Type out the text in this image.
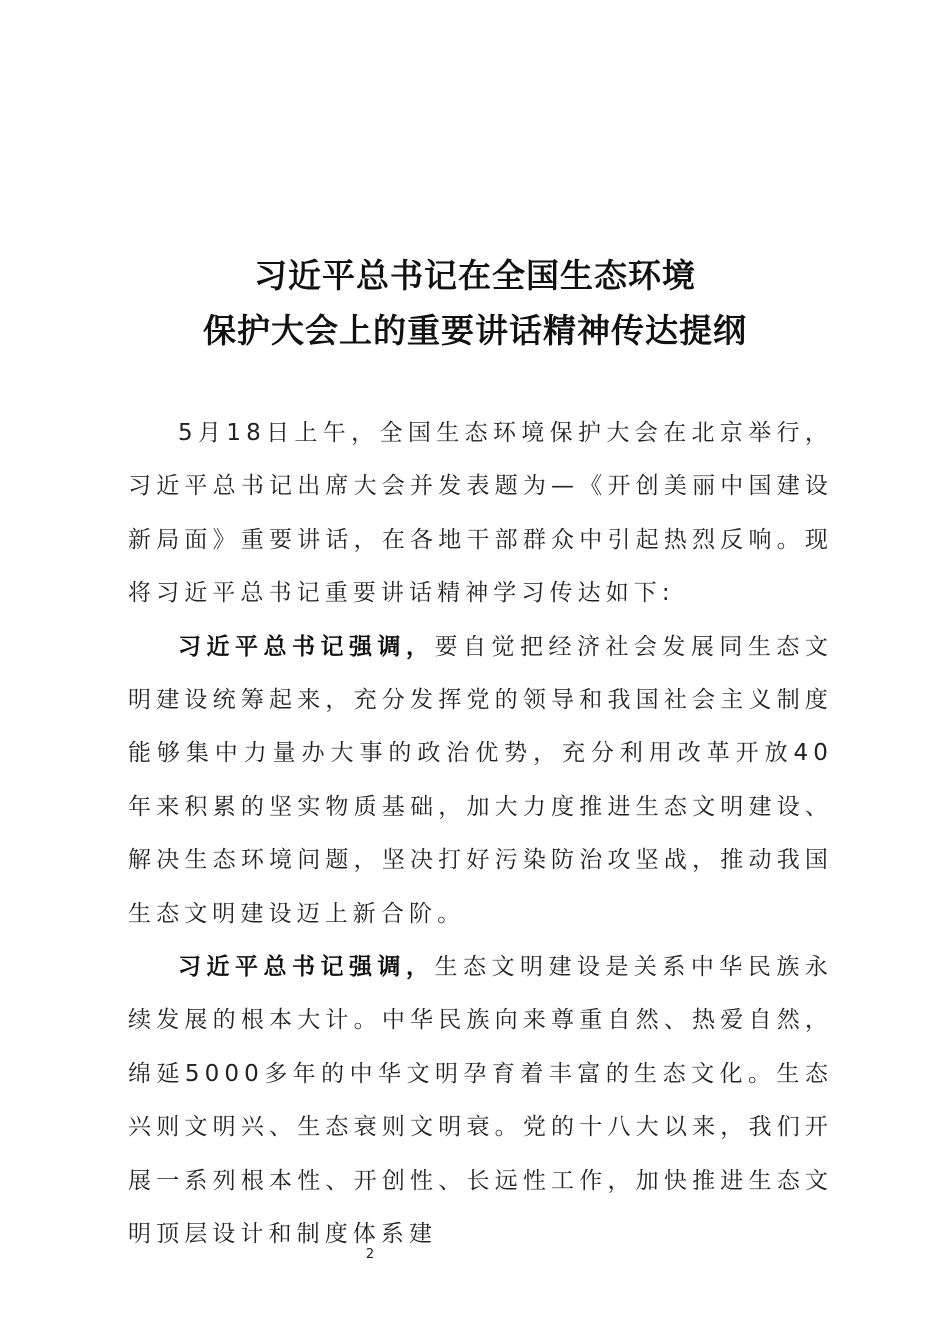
习近平总书记在全国生态环境
保护大会上的重要讲话精神传达提纲

5月18日上午，全国生态环境保护大会在北京举行，习近平总书记出席大会并发表题为—《开创美丽中国建设新局面》重要讲话，在各地干部群众中引起热烈反响。现将习近平总书记重要讲话精神学习传达如下:

习近平总书记强调，要自觉把经济社会发展同生态文明建设统筹起来，充分发挥党的领导和我国社会主义制度能够集中力量办大事的政治优势，充分利用改革开放40年来积累的坚实物质基础，加大力度推进生态文明建设、解决生态环境问题，坚决打好污染防治攻坚战，推动我国生态文明建设迈上新合阶。

习近平总书记强调，生态文明建设是关系中华民族永续发展的根本大计。中华民族向来尊重自然、热爱自然，绵延5000多年的中华文明孕育着丰富的生态文化。生态兴则文明兴、生态衰则文明衰。党的十八大以来，我们开展一系列根本性、开创性、长远性工作，加快推进生态文明顶层设计和制度体系建

2
